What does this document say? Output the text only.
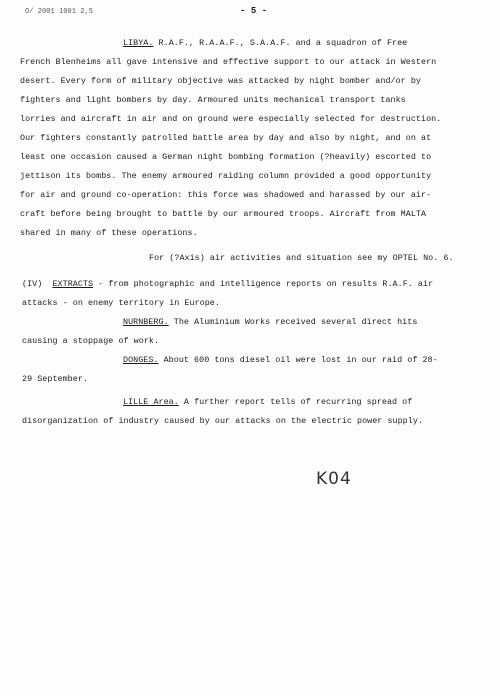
O/ 2001 1001 2,5	- 5 -
LIBYA. R.A.F., R.A.A.F., S.A.A.F. and a squadron of Free
French Blenheims all gave intensive and effective support to our attack in Western
desert. Every form of military objective was attacked by night bomber and/or by
fighters and light bombers by day. Armoured units mechanical transport tanks
lorries and aircraft in air and on ground were especially selected for destruction.
Our fighters constantly patrolled battle area by day and also by night, and on at
least one occasion caused a German night bombing formation (?heavily) escorted to
jettison its bombs. The enemy armoured raiding column provided a good opportunity
for air and ground co-operation: this force was shadowed and harassed by our air-
craft before being brought to battle by our armoured troops. Aircraft from MALTA
shared in many of these operations.
For (?Axis) air activities and situation see my OPTEL No. 6.
(IV) EXTRACTS - from photographic and intelligence reports on results R.A.F. air
attacks - on enemy territory in Europe.
NURNBERG. The Aluminium Works received several direct hits
causing a stoppage of work.
DONGES. About 600 tons diesel oil were lost in our raid of 28-
29 September.
LILLE Area. A further report tells of recurring spread of
disorganization of industry caused by our attacks on the electric power supply.
K04
